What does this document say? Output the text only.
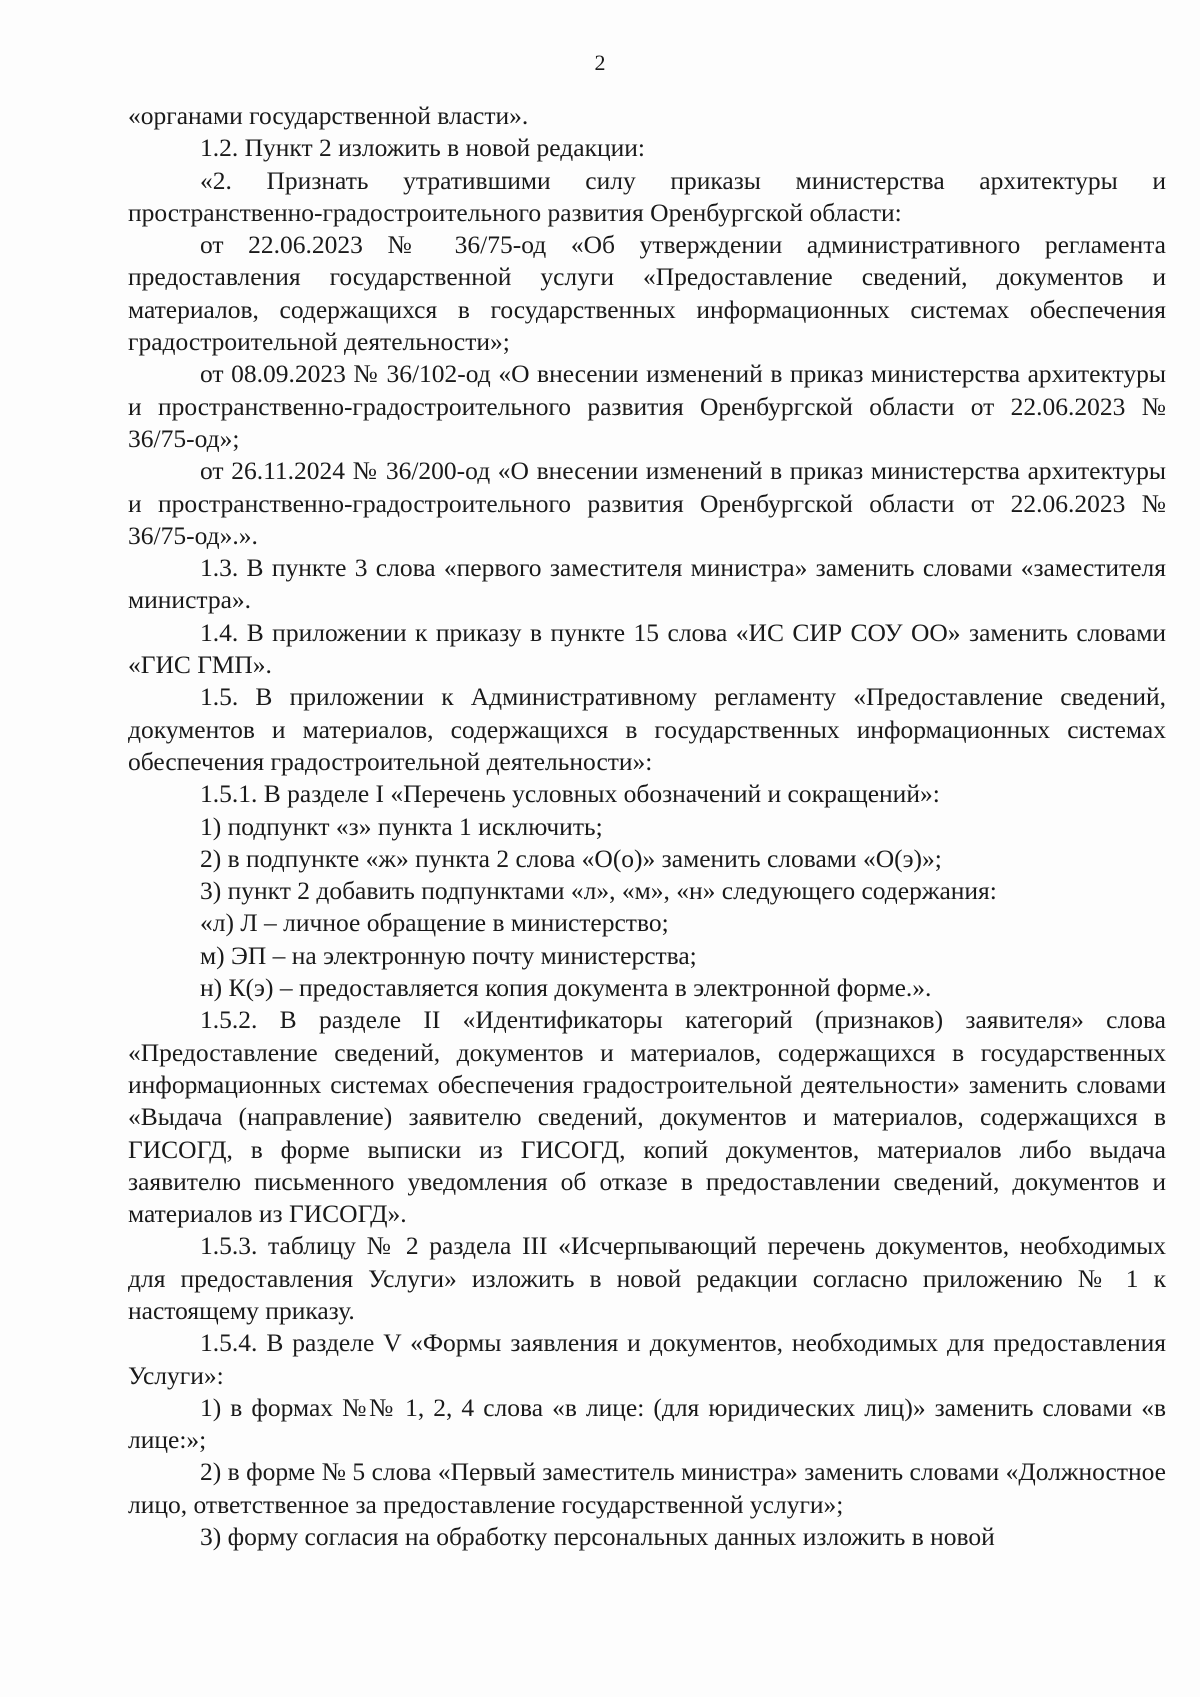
2

«органами государственной власти».

1.2. Пункт 2 изложить в новой редакции:

«2. Признать утратившими силу приказы министерства архитектуры и пространственно-градостроительного развития Оренбургской области:

от 22.06.2023 № 36/75-од «Об утверждении административного регламента предоставления государственной услуги «Предоставление сведений, документов и материалов, содержащихся в государственных информационных системах обеспечения градостроительной деятельности»;

от 08.09.2023 № 36/102-од «О внесении изменений в приказ министерства архитектуры и пространственно-градостроительного развития Оренбургской области от 22.06.2023 № 36/75-од»;

от 26.11.2024 № 36/200-од «О внесении изменений в приказ министерства архитектуры и пространственно-градостроительного развития Оренбургской области от 22.06.2023 № 36/75-од».».

1.3. В пункте 3 слова «первого заместителя министра» заменить словами «заместителя министра».

1.4. В приложении к приказу в пункте 15 слова «ИС СИР СОУ ОО» заменить словами «ГИС ГМП».

1.5. В приложении к Административному регламенту «Предоставление сведений, документов и материалов, содержащихся в государственных информационных системах обеспечения градостроительной деятельности»:

1.5.1. В разделе I «Перечень условных обозначений и сокращений»:

1) подпункт «з» пункта 1 исключить;

2) в подпункте «ж» пункта 2 слова «О(о)» заменить словами «О(э)»;

3) пункт 2 добавить подпунктами «л», «м», «н» следующего содержания:

«л) Л – личное обращение в министерство;

м) ЭП – на электронную почту министерства;

н) К(э) – предоставляется копия документа в электронной форме.».

1.5.2. В разделе II «Идентификаторы категорий (признаков) заявителя» слова «Предоставление сведений, документов и материалов, содержащихся в государственных информационных системах обеспечения градостроительной деятельности» заменить словами «Выдача (направление) заявителю сведений, документов и материалов, содержащихся в ГИСОГД, в форме выписки из ГИСОГД, копий документов, материалов либо выдача заявителю письменного уведомления об отказе в предоставлении сведений, документов и материалов из ГИСОГД».

1.5.3. таблицу № 2 раздела III «Исчерпывающий перечень документов, необходимых для предоставления Услуги» изложить в новой редакции согласно приложению № 1 к настоящему приказу.

1.5.4. В разделе V «Формы заявления и документов, необходимых для предоставления Услуги»:

1) в формах №№ 1, 2, 4 слова «в лице: (для юридических лиц)» заменить словами «в лице:»;

2) в форме № 5 слова «Первый заместитель министра» заменить словами «Должностное лицо, ответственное за предоставление государственной услуги»;

3) форму согласия на обработку персональных данных изложить в новой
